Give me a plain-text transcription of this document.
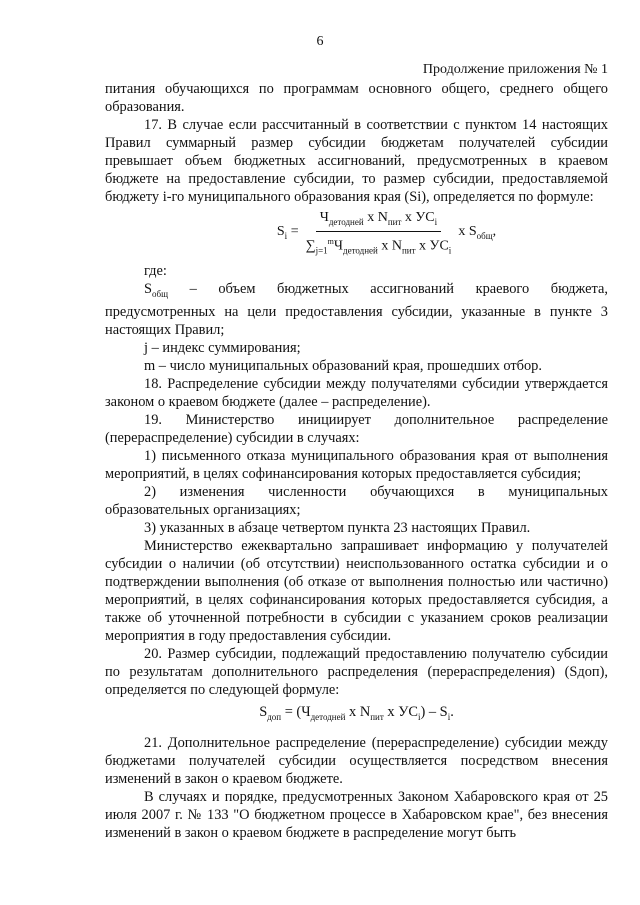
6
Продолжение приложения № 1

питания обучающихся по программам основного общего, среднего общего образования.

17. В случае если рассчитанный в соответствии с пунктом 14 настоящих Правил суммарный размер субсидии бюджетам получателей субсидии превышает объем бюджетных ассигнований, предусмотренных в краевом бюджете на предоставление субсидии, то размер субсидии, предоставляемой бюджету i-го муниципального образования края (Si), определяется по формуле:

$S_i = \frac{Ч_{детодней} x N_{пит} x УС_i}{\sum_{j=1}^mЧ_{детодней} x N_{пит} x УС_i}$ x $S_{общ}$,

где:

$S_{общ}$ – объем бюджетных ассигнований краевого бюджета, предусмотренных на цели предоставления субсидии, указанные в пункте 3 настоящих Правил;

j – индекс суммирования;

m – число муниципальных образований края, прошедших отбор.

18. Распределение субсидии между получателями субсидии утверждается законом о краевом бюджете (далее – распределение).

19. Министерство инициирует дополнительное распределение (перераспределение) субсидии в случаях:

1) письменного отказа муниципального образования края от выполнения мероприятий, в целях софинансирования которых предоставляется субсидия;

2) изменения численности обучающихся в муниципальных образовательных организациях;

3) указанных в абзаце четвертом пункта 23 настоящих Правил.

Министерство ежеквартально запрашивает информацию у получателей субсидии о наличии (об отсутствии) неиспользованного остатка субсидии и о подтверждении выполнения (об отказе от выполнения полностью или частично) мероприятий, в целях софинансирования которых предоставляется субсидия, а также об уточненной потребности в субсидии с указанием сроков реализации мероприятия в году предоставления субсидии.

20. Размер субсидии, подлежащий предоставлению получателю субсидии по результатам дополнительного распределения (перераспределения) (Sдоп), определяется по следующей формуле:

$S_{доп} = (Ч_{детодней}$ x $N_{пит}$ x $УС_i) - S_i$.

21. Дополнительное распределение (перераспределение) субсидии между бюджетами получателей субсидии осуществляется посредством внесения изменений в закон о краевом бюджете.

В случаях и порядке, предусмотренных Законом Хабаровского края от 25 июля 2007 г. № 133 "О бюджетном процессе в Хабаровском крае", без внесения изменений в закон о краевом бюджете в распределение могут быть
